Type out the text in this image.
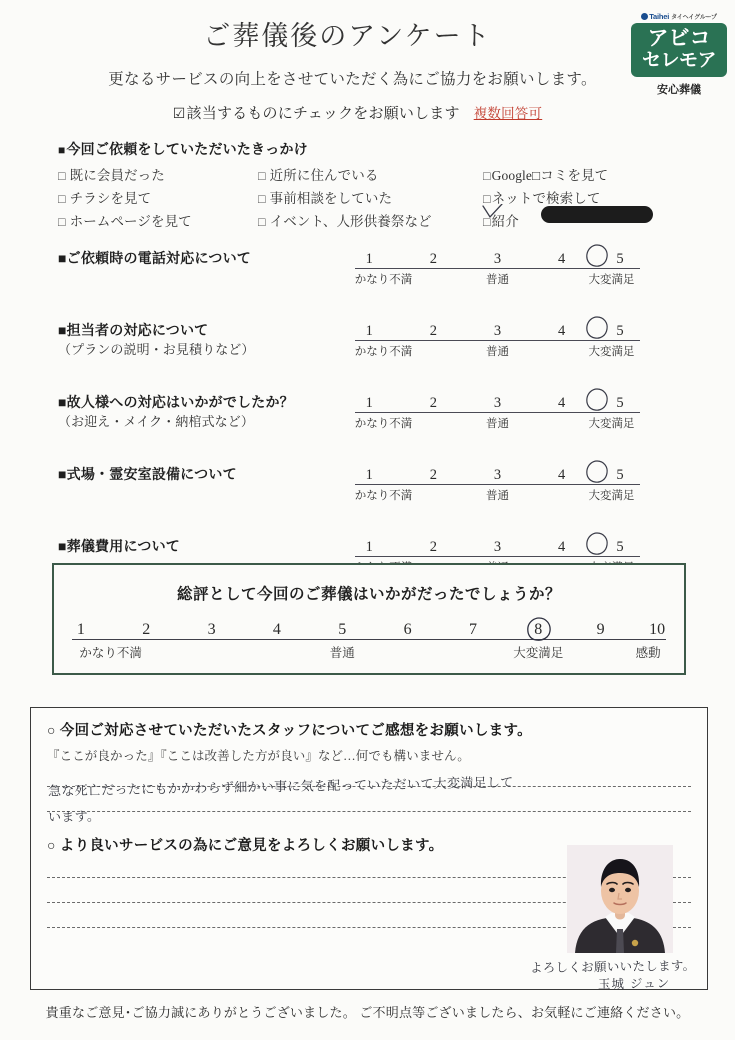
ご葬儀後のアンケート
更なるサービスの向上をさせていただく為にご協力をお願いします。
☑該当するものにチェックをお願いします 複数回答可
Taihei タイヘイグループ
アビコ
セレモア
安心葬儀
■今回ご依頼をしていただいたきっかけ
□ 既に会員だった
□ チラシを見て
□ ホームページを見て
□ 近所に住んでいる
□ 事前相談をしていた
□ イベント、人形供養祭など
□Google□コミを見て
□ネットで検索して
□紹介
■ご依頼時の電話対応について	1	2	3	4	5
かなり不満	普通	大変満足
■担当者の対応について
（プランの説明・お見積りなど）
1	2	3	4	5
かなり不満	普通	大変満足
■故人様への対応はいかがでしたか？
（お迎え・メイク・納棺式など）
1	2	3	4	5
かなり不満	普通	大変満足
■式場・霊安室設備について	1	2	3	4	5
かなり不満	普通	大変満足
■葬儀費用について	1	2	3	4	5
総評として今回のご葬儀はいかがだったでしょうか？
1	2	3	4	5	6	7	8	9	10
かなり不満	普通	大変満足	感動
○ 今回ご対応させていただいたスタッフについてご感想をお願いします。
『ここが良かった』『ここは改善した方が良い』など…何でも構いません。
○ より良いサービスの為にご意見をよろしくお願いします。
急な死亡だったにもかかわらず細かい事に気を配っていただいて大変満足して
います。
よろしくお願いいたします。
玉城 ジュン
貴重なご意見･ご協力誠にありがとうございました。 ご不明点等ございましたら、お気軽にご連絡ください。
